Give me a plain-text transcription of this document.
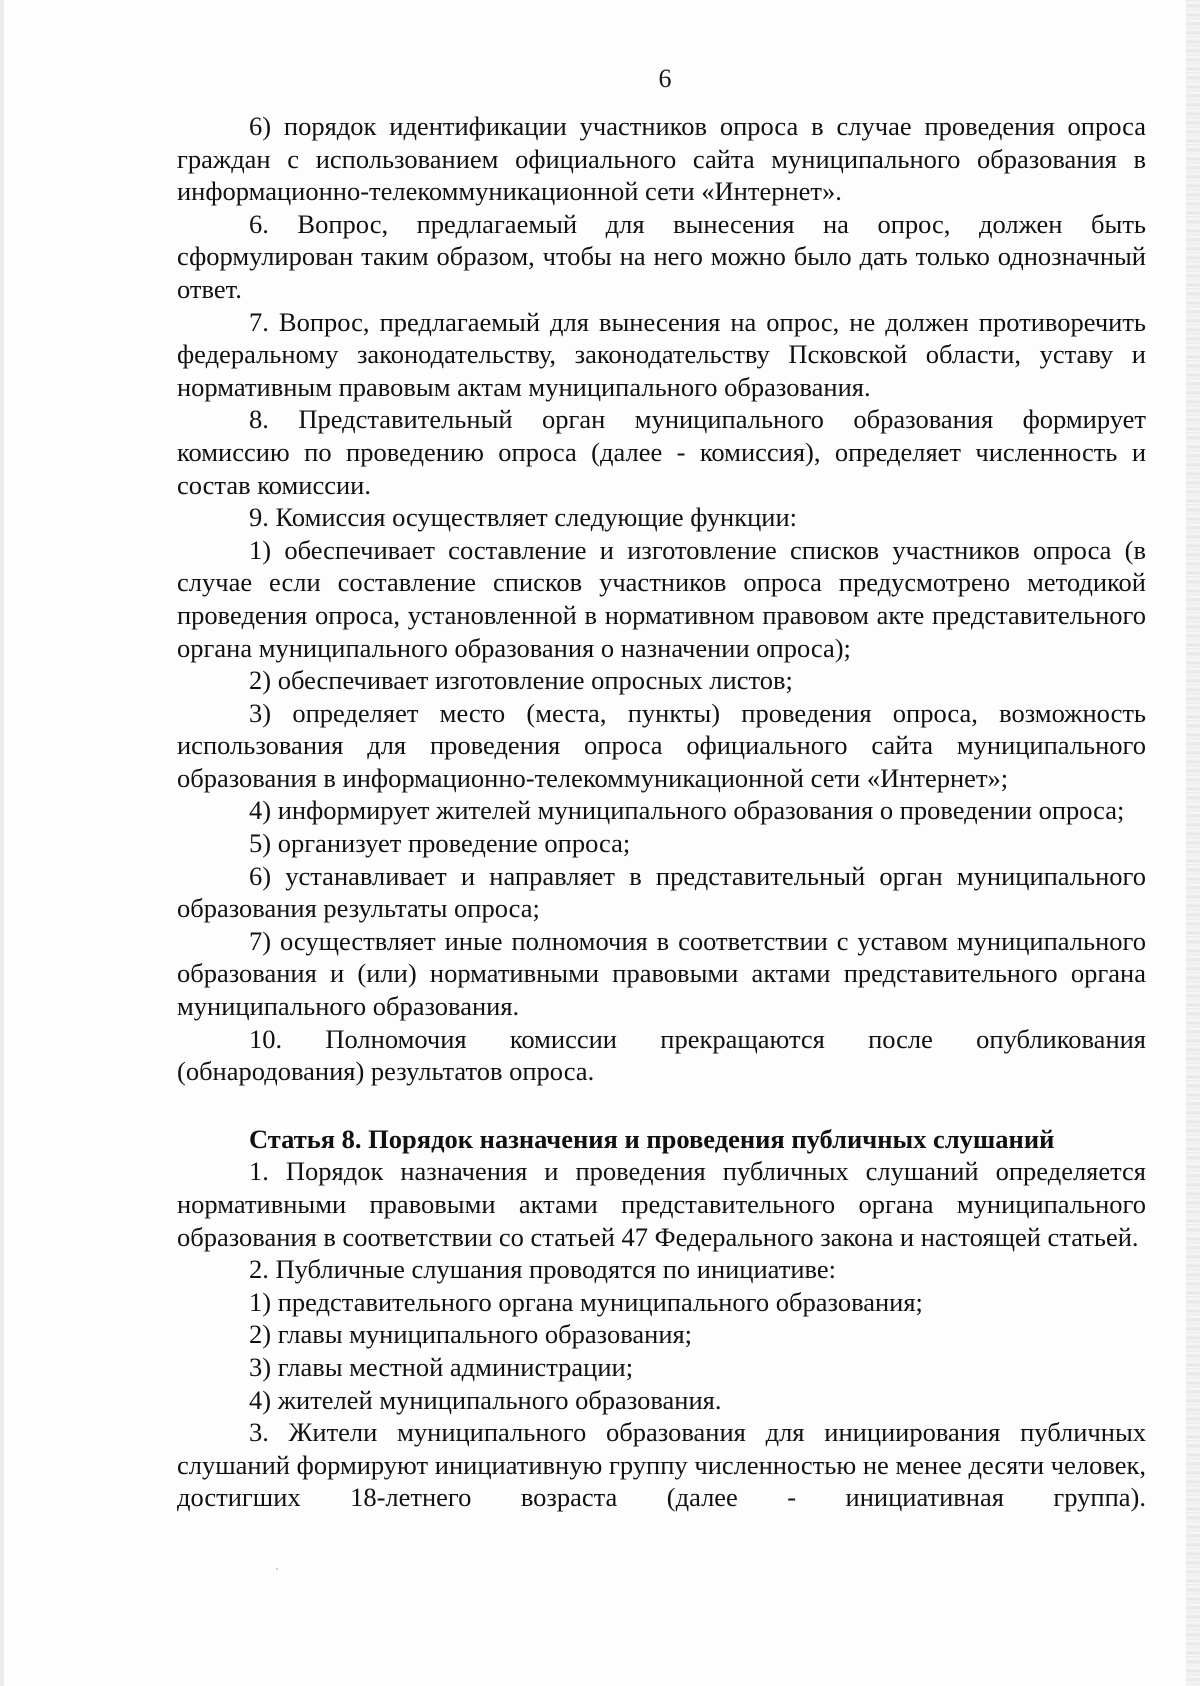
6

6) порядок идентификации участников опроса в случае проведения опроса граждан с использованием официального сайта муниципального образования в информационно-телекоммуникационной сети «Интернет».

6. Вопрос, предлагаемый для вынесения на опрос, должен быть сформулирован таким образом, чтобы на него можно было дать только однозначный ответ.

7. Вопрос, предлагаемый для вынесения на опрос, не должен противоречить федеральному законодательству, законодательству Псковской области, уставу и нормативным правовым актам муниципального образования.

8. Представительный орган муниципального образования формирует комиссию по проведению опроса (далее - комиссия), определяет численность и состав комиссии.

9. Комиссия осуществляет следующие функции:

1) обеспечивает составление и изготовление списков участников опроса (в случае если составление списков участников опроса предусмотрено методикой проведения опроса, установленной в нормативном правовом акте представительного органа муниципального образования о назначении опроса);

2) обеспечивает изготовление опросных листов;

3) определяет место (места, пункты) проведения опроса, возможность использования для проведения опроса официального сайта муниципального образования в информационно-телекоммуникационной сети «Интернет»;

4) информирует жителей муниципального образования о проведении опроса;

5) организует проведение опроса;

6) устанавливает и направляет в представительный орган муниципального образования результаты опроса;

7) осуществляет иные полномочия в соответствии с уставом муниципального образования и (или) нормативными правовыми актами представительного органа муниципального образования.

10. Полномочия комиссии прекращаются после опубликования (обнародования) результатов опроса.

Статья 8. Порядок назначения и проведения публичных слушаний

1. Порядок назначения и проведения публичных слушаний определяется нормативными правовыми актами представительного органа муниципального образования в соответствии со статьей 47 Федерального закона и настоящей статьей.

2. Публичные слушания проводятся по инициативе:

1) представительного органа муниципального образования;

2) главы муниципального образования;

3) главы местной администрации;

4) жителей муниципального образования.

3. Жители муниципального образования для инициирования публичных слушаний формируют инициативную группу численностью не менее десяти человек, достигших 18-летнего возраста (далее - инициативная группа).
